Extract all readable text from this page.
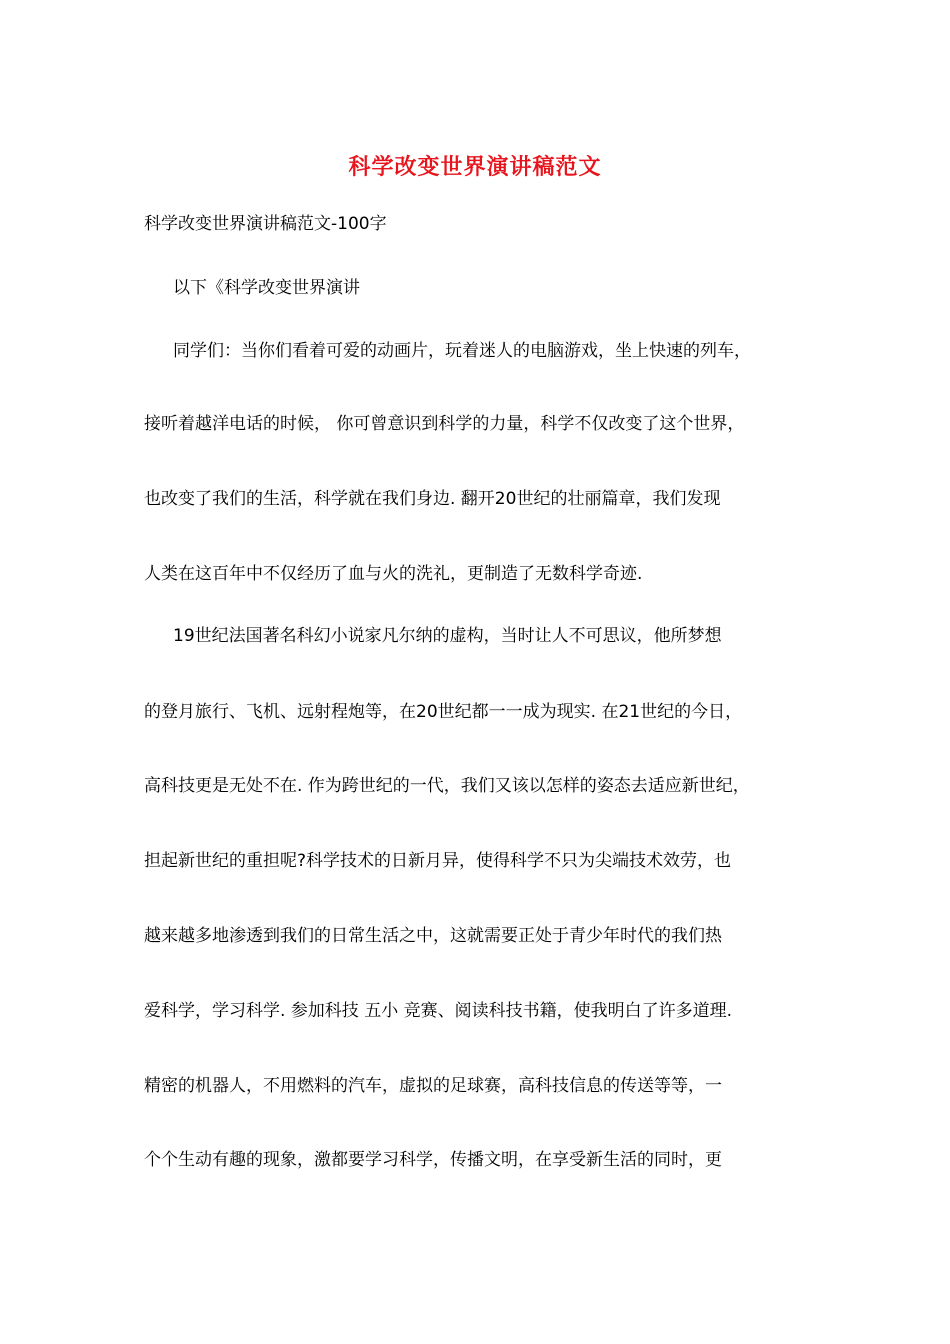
科学改变世界演讲稿范文
科学改变世界演讲稿范文-100字
以下《科学改变世界演讲
同学们：当你们看着可爱的动画片，玩着迷人的电脑游戏，坐上快速的列车，
接听着越洋电话的时候， 你可曾意识到科学的力量，科学不仅改变了这个世界，
也改变了我们的生活，科学就在我们身边. 翻开20世纪的壮丽篇章，我们发现
人类在这百年中不仅经历了血与火的洗礼，更制造了无数科学奇迹.
19世纪法国著名科幻小说家凡尔纳的虚构，当时让人不可思议，他所梦想
的登月旅行、飞机、远射程炮等，在20世纪都一一成为现实. 在21世纪的今日，
高科技更是无处不在. 作为跨世纪的一代，我们又该以怎样的姿态去适应新世纪，
担起新世纪的重担呢?科学技术的日新月异，使得科学不只为尖端技术效劳，也
越来越多地渗透到我们的日常生活之中，这就需要正处于青少年时代的我们热
爱科学，学习科学. 参加科技 五小 竞赛、阅读科技书籍，使我明白了许多道理.
精密的机器人，不用燃料的汽车，虚拟的足球赛，高科技信息的传送等等，一
个个生动有趣的现象，激都要学习科学，传播文明，在享受新生活的同时，更
